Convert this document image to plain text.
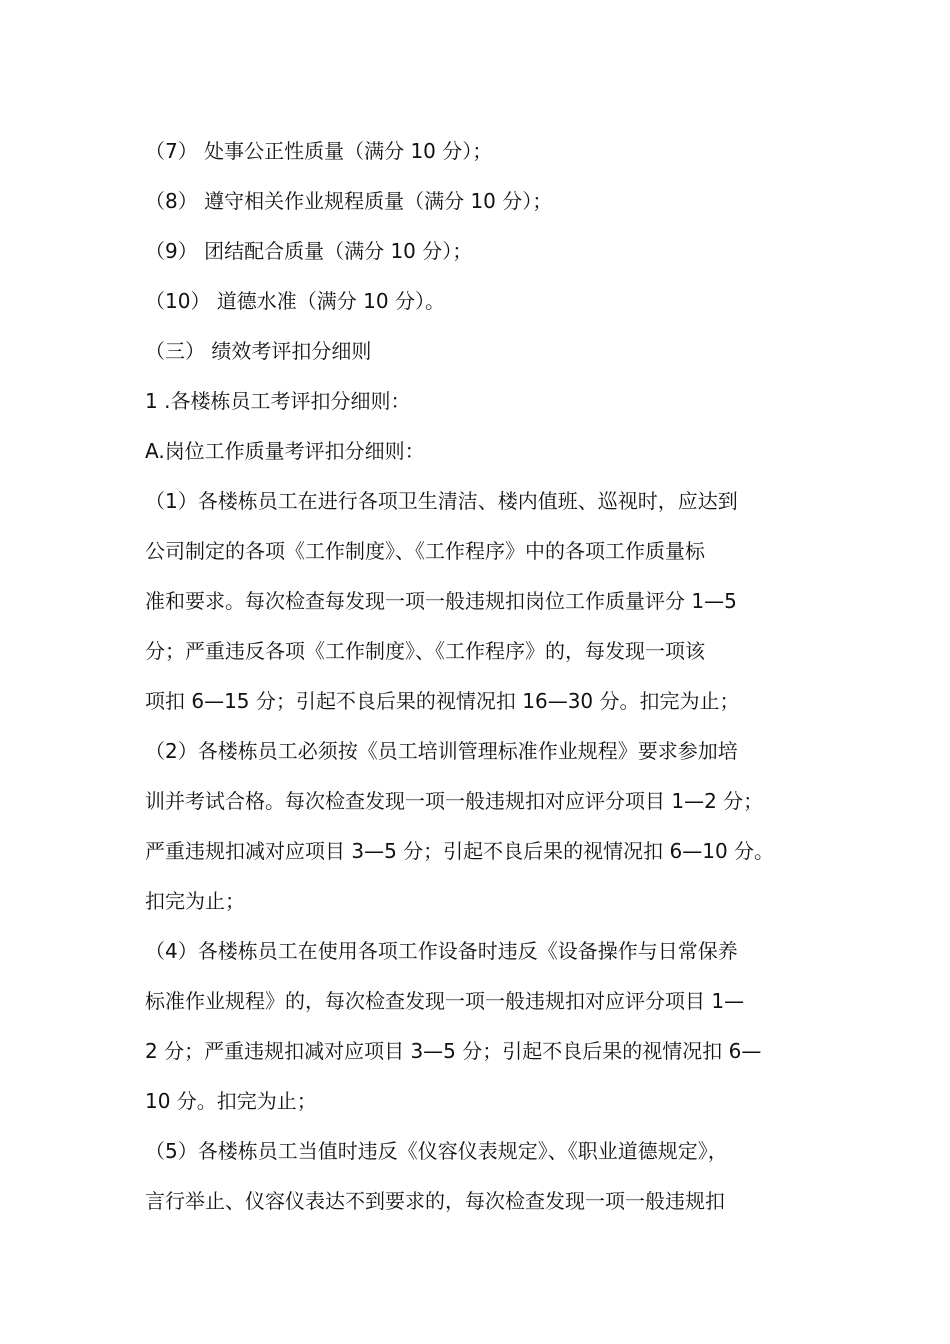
（7） 处事公正性质量（满分 10 分）；
（8） 遵守相关作业规程质量（满分 10 分）；
（9） 团结配合质量（满分 10 分）；
（10） 道德水准（满分 10 分）。
（三） 绩效考评扣分细则
1 .各楼栋员工考评扣分细则：
A.岗位工作质量考评扣分细则：
（1）各楼栋员工在进行各项卫生清洁、楼内值班、巡视时，应达到
公司制定的各项《工作制度》、《工作程序》中的各项工作质量标
准和要求。每次检查每发现一项一般违规扣岗位工作质量评分 1—5
分；严重违反各项《工作制度》、《工作程序》的，每发现一项该
项扣 6—15 分；引起不良后果的视情况扣 16—30 分。扣完为止；
（2）各楼栋员工必须按《员工培训管理标准作业规程》要求参加培
训并考试合格。每次检查发现一项一般违规扣对应评分项目 1—2 分；
严重违规扣减对应项目 3—5 分；引起不良后果的视情况扣 6—10 分。
扣完为止；
（4）各楼栋员工在使用各项工作设备时违反《设备操作与日常保养
标准作业规程》的，每次检查发现一项一般违规扣对应评分项目 1—
2 分；严重违规扣减对应项目 3—5 分；引起不良后果的视情况扣 6—
10 分。扣完为止；
（5）各楼栋员工当值时违反《仪容仪表规定》、《职业道德规定》，
言行举止、仪容仪表达不到要求的，每次检查发现一项一般违规扣
